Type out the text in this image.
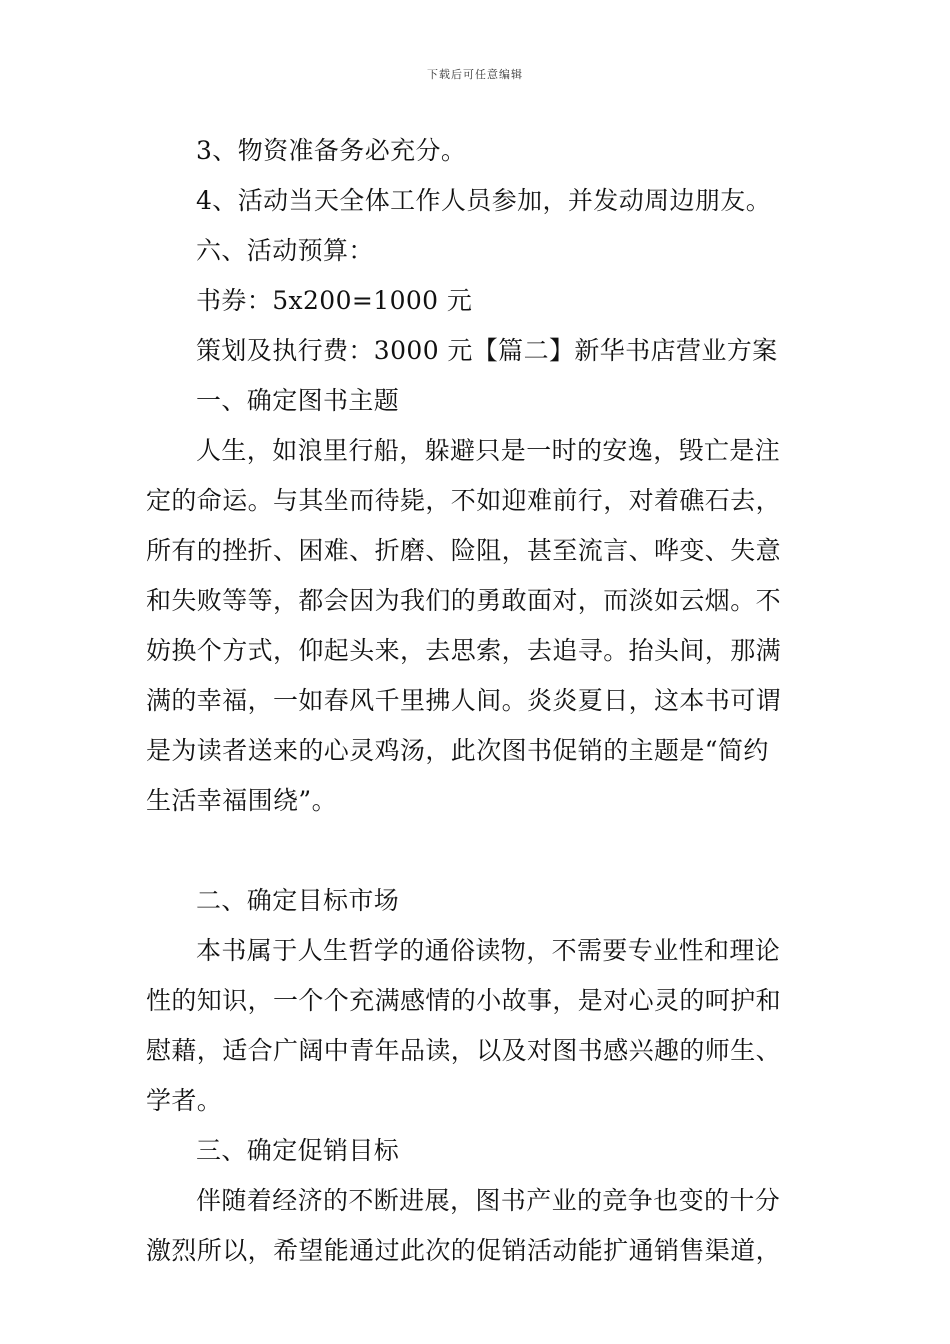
下载后可任意编辑
3、物资准备务必充分。
4、活动当天全体工作人员参加，并发动周边朋友。
六、活动预算：
书券：5x200=1000 元
策划及执行费：3000 元【篇二】新华书店营业方案
一、确定图书主题
人生，如浪里行船，躲避只是一时的安逸，毁亡是注
定的命运。与其坐而待毙，不如迎难前行，对着礁石去，
所有的挫折、困难、折磨、险阻，甚至流言、哗变、失意
和失败等等，都会因为我们的勇敢面对，而淡如云烟。不
妨换个方式，仰起头来，去思索，去追寻。抬头间，那满
满的幸福，一如春风千里拂人间。炎炎夏日，这本书可谓
是为读者送来的心灵鸡汤，此次图书促销的主题是“简约
生活幸福围绕”。
二、确定目标市场
本书属于人生哲学的通俗读物，不需要专业性和理论
性的知识，一个个充满感情的小故事，是对心灵的呵护和
慰藉，适合广阔中青年品读，以及对图书感兴趣的师生、
学者。
三、确定促销目标
伴随着经济的不断进展，图书产业的竞争也变的十分
激烈所以，希望能通过此次的促销活动能扩通销售渠道，
